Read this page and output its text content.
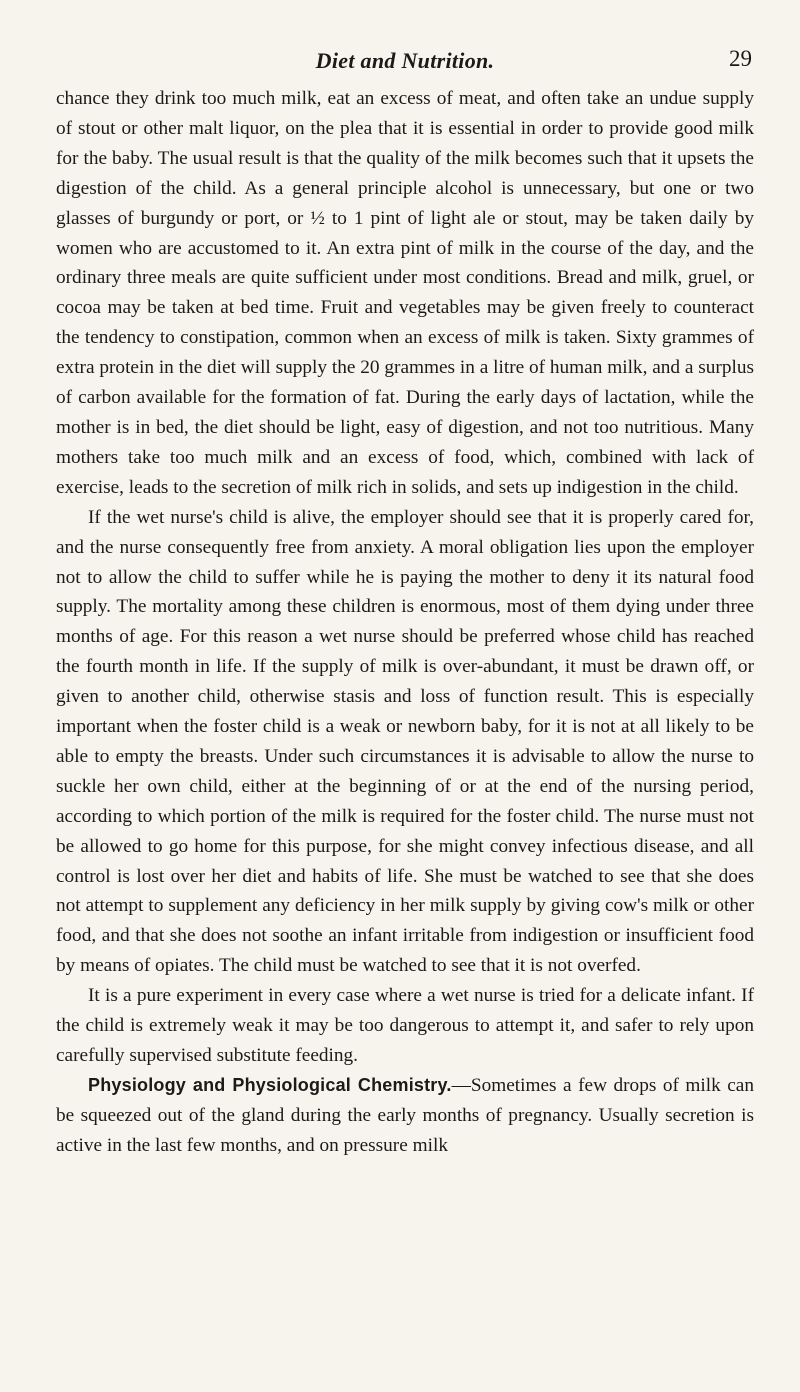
Diet and Nutrition.	29

chance they drink too much milk, eat an excess of meat, and often take an undue supply of stout or other malt liquor, on the plea that it is essential in order to provide good milk for the baby. The usual result is that the quality of the milk becomes such that it upsets the digestion of the child. As a general principle alcohol is unnecessary, but one or two glasses of burgundy or port, or ½ to 1 pint of light ale or stout, may be taken daily by women who are accustomed to it. An extra pint of milk in the course of the day, and the ordinary three meals are quite sufficient under most conditions. Bread and milk, gruel, or cocoa may be taken at bed time. Fruit and vegetables may be given freely to counteract the tendency to constipation, common when an excess of milk is taken. Sixty grammes of extra protein in the diet will supply the 20 grammes in a litre of human milk, and a surplus of carbon available for the formation of fat. During the early days of lactation, while the mother is in bed, the diet should be light, easy of digestion, and not too nutritious. Many mothers take too much milk and an excess of food, which, combined with lack of exercise, leads to the secretion of milk rich in solids, and sets up indigestion in the child.

If the wet nurse's child is alive, the employer should see that it is properly cared for, and the nurse consequently free from anxiety. A moral obligation lies upon the employer not to allow the child to suffer while he is paying the mother to deny it its natural food supply. The mortality among these children is enormous, most of them dying under three months of age. For this reason a wet nurse should be preferred whose child has reached the fourth month in life. If the supply of milk is over-abundant, it must be drawn off, or given to another child, otherwise stasis and loss of function result. This is especially important when the foster child is a weak or newborn baby, for it is not at all likely to be able to empty the breasts. Under such circumstances it is advisable to allow the nurse to suckle her own child, either at the beginning of or at the end of the nursing period, according to which portion of the milk is required for the foster child. The nurse must not be allowed to go home for this purpose, for she might convey infectious disease, and all control is lost over her diet and habits of life. She must be watched to see that she does not attempt to supplement any deficiency in her milk supply by giving cow's milk or other food, and that she does not soothe an infant irritable from indigestion or insufficient food by means of opiates. The child must be watched to see that it is not overfed.

It is a pure experiment in every case where a wet nurse is tried for a delicate infant. If the child is extremely weak it may be too dangerous to attempt it, and safer to rely upon carefully supervised substitute feeding.

Physiology and Physiological Chemistry.—Sometimes a few drops of milk can be squeezed out of the gland during the early months of pregnancy. Usually secretion is active in the last few months, and on pressure milk
